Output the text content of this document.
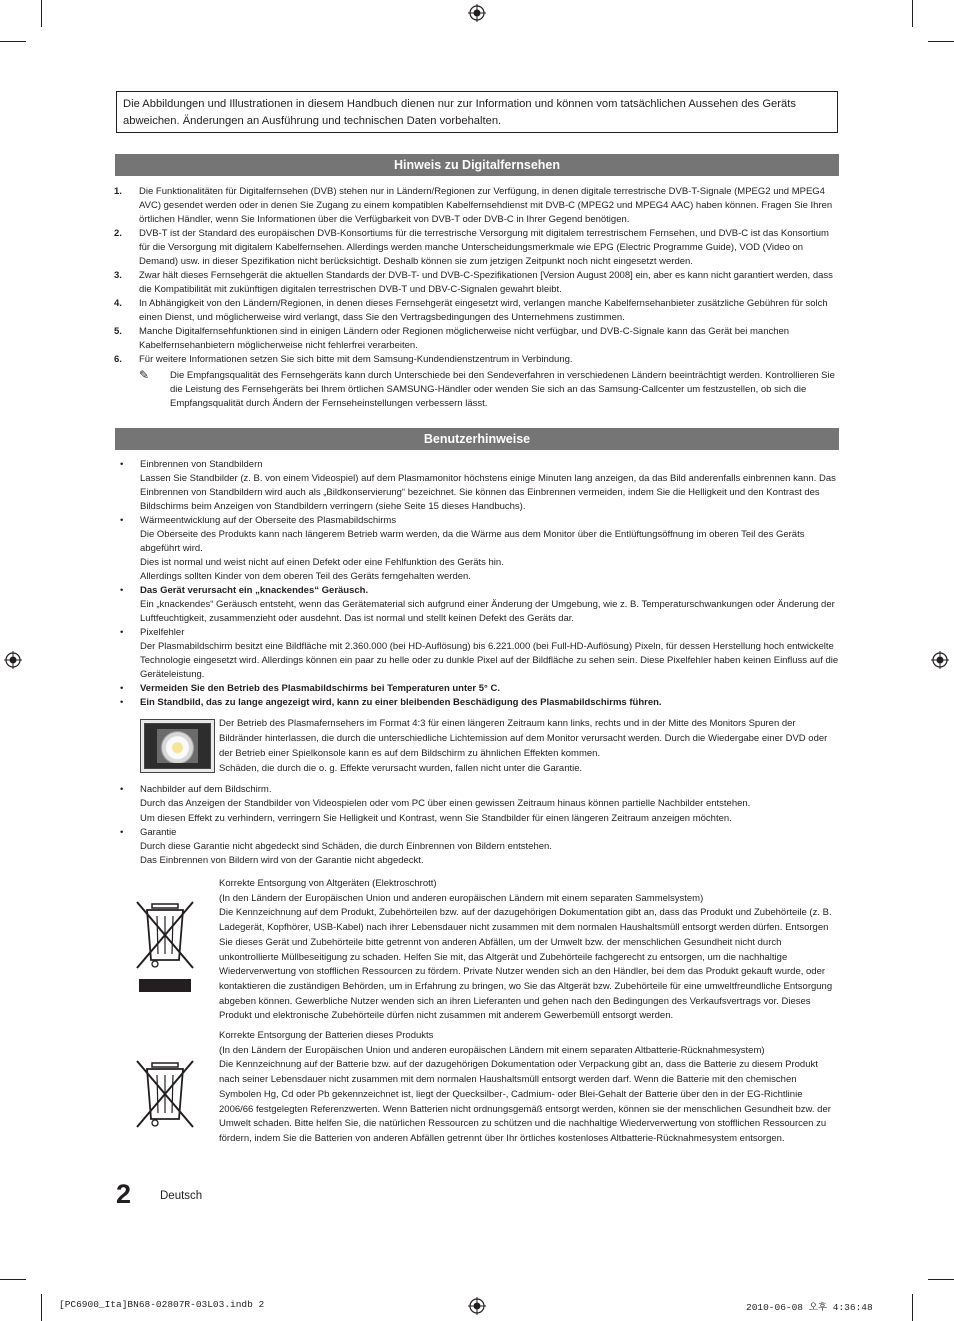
Die Abbildungen und Illustrationen in diesem Handbuch dienen nur zur Information und können vom tatsächlichen Aussehen des Geräts abweichen. Änderungen an Ausführung und technischen Daten vorbehalten.
Hinweis zu Digitalfernsehen
1. Die Funktionalitäten für Digitalfernsehen (DVB) stehen nur in Ländern/Regionen zur Verfügung, in denen digitale terrestrische DVB-T-Signale (MPEG2 und MPEG4 AVC) gesendet werden oder in denen Sie Zugang zu einem kompatiblen Kabelfernsehdienst mit DVB-C (MPEG2 und MPEG4 AAC) haben können. Fragen Sie Ihren örtlichen Händler, wenn Sie Informationen über die Verfügbarkeit von DVB-T oder DVB-C in Ihrer Gegend benötigen.
2. DVB-T ist der Standard des europäischen DVB-Konsortiums für die terrestrische Versorgung mit digitalem terrestrischem Fernsehen, und DVB-C ist das Konsortium für die Versorgung mit digitalem Kabelfernsehen. Allerdings werden manche Unterscheidungsmerkmale wie EPG (Electric Programme Guide), VOD (Video on Demand) usw. in dieser Spezifikation nicht berücksichtigt. Deshalb können sie zum jetzigen Zeitpunkt noch nicht eingesetzt werden.
3. Zwar hält dieses Fernsehgerät die aktuellen Standards der DVB-T- und DVB-C-Spezifikationen [Version August 2008] ein, aber es kann nicht garantiert werden, dass die Kompatibilität mit zukünftigen digitalen terrestrischen DVB-T und DBV-C-Signalen gewahrt bleibt.
4. In Abhängigkeit von den Ländern/Regionen, in denen dieses Fernsehgerät eingesetzt wird, verlangen manche Kabelfernsehanbieter zusätzliche Gebühren für solch einen Dienst, und möglicherweise wird verlangt, dass Sie den Vertragsbedingungen des Unternehmens zustimmen.
5. Manche Digitalfernsehfunktionen sind in einigen Ländern oder Regionen möglicherweise nicht verfügbar, und DVB-C-Signale kann das Gerät bei manchen Kabelfernsehanbietern möglicherweise nicht fehlerfrei verarbeiten.
6. Für weitere Informationen setzen Sie sich bitte mit dem Samsung-Kundendienstzentrum in Verbindung.
✎ Die Empfangsqualität des Fernsehgeräts kann durch Unterschiede bei den Sendeverfahren in verschiedenen Ländern beeinträchtigt werden. Kontrollieren Sie die Leistung des Fernsehgeräts bei Ihrem örtlichen SAMSUNG-Händler oder wenden Sie sich an das Samsung-Callcenter um festzustellen, ob sich die Empfangsqualität durch Ändern der Fernseheinstellungen verbessern lässt.
Benutzerhinweise
• Einbrennen von Standbildern
Lassen Sie Standbilder (z. B. von einem Videospiel) auf dem Plasmamonitor höchstens einige Minuten lang anzeigen, da das Bild anderenfalls einbrennen kann. Das Einbrennen von Standbildern wird auch als „Bildkonservierung“ bezeichnet. Sie können das Einbrennen vermeiden, indem Sie die Helligkeit und den Kontrast des Bildschirms beim Anzeigen von Standbildern verringern (siehe Seite 15 dieses Handbuchs).
• Wärmeentwicklung auf der Oberseite des Plasmabildschirms
Die Oberseite des Produkts kann nach längerem Betrieb warm werden, da die Wärme aus dem Monitor über die Entlüftungsöffnung im oberen Teil des Geräts abgeführt wird.
Dies ist normal und weist nicht auf einen Defekt oder eine Fehlfunktion des Geräts hin.
Allerdings sollten Kinder von dem oberen Teil des Geräts ferngehalten werden.
• Das Gerät verursacht ein „knackendes“ Geräusch.
Ein „knackendes“ Geräusch entsteht, wenn das Gerätematerial sich aufgrund einer Änderung der Umgebung, wie z. B. Temperaturschwankungen oder Änderung der Luftfeuchtigkeit, zusammenzieht oder ausdehnt. Das ist normal und stellt keinen Defekt des Geräts dar.
• Pixelfehler
Der Plasmabildschirm besitzt eine Bildfläche mit 2.360.000 (bei HD-Auflösung) bis 6.221.000 (bei Full-HD-Auflösung) Pixeln, für dessen Herstellung hoch entwickelte Technologie eingesetzt wird. Allerdings können ein paar zu helle oder zu dunkle Pixel auf der Bildfläche zu sehen sein. Diese Pixelfehler haben keinen Einfluss auf die Geräteleistung.
• Vermeiden Sie den Betrieb des Plasmabildschirms bei Temperaturen unter 5° C.
• Ein Standbild, das zu lange angezeigt wird, kann zu einer bleibenden Beschädigung des Plasmabildschirms führen.
Der Betrieb des Plasmafernsehers im Format 4:3 für einen längeren Zeitraum kann links, rechts und in der Mitte des Monitors Spuren der Bildränder hinterlassen, die durch die unterschiedliche Lichtemission auf dem Monitor verursacht werden. Durch die Wiedergabe einer DVD oder der Betrieb einer Spielkonsole kann es auf dem Bildschirm zu ähnlichen Effekten kommen.
Schäden, die durch die o. g. Effekte verursacht wurden, fallen nicht unter die Garantie.
• Nachbilder auf dem Bildschirm.
Durch das Anzeigen der Standbilder von Videospielen oder vom PC über einen gewissen Zeitraum hinaus können partielle Nachbilder entstehen.
Um diesen Effekt zu verhindern, verringern Sie Helligkeit und Kontrast, wenn Sie Standbilder für einen längeren Zeitraum anzeigen möchten.
• Garantie
Durch diese Garantie nicht abgedeckt sind Schäden, die durch Einbrennen von Bildern entstehen.
Das Einbrennen von Bildern wird von der Garantie nicht abgedeckt.
Korrekte Entsorgung von Altgeräten (Elektroschrott)
(In den Ländern der Europäischen Union und anderen europäischen Ländern mit einem separaten Sammelsystem)
Die Kennzeichnung auf dem Produkt, Zubehörteilen bzw. auf der dazugehörigen Dokumentation gibt an, dass das Produkt und Zubehörteile (z. B. Ladegerät, Kopfhörer, USB-Kabel) nach ihrer Lebensdauer nicht zusammen mit dem normalen Haushaltsmüll entsorgt werden dürfen. Entsorgen Sie dieses Gerät und Zubehörteile bitte getrennt von anderen Abfällen, um der Umwelt bzw. der menschlichen Gesundheit nicht durch unkontrollierte Müllbeseitigung zu schaden. Helfen Sie mit, das Altgerät und Zubehörteile fachgerecht zu entsorgen, um die nachhaltige Wiederverwertung von stofflichen Ressourcen zu fördern. Private Nutzer wenden sich an den Händler, bei dem das Produkt gekauft wurde, oder kontaktieren die zuständigen Behörden, um in Erfahrung zu bringen, wo Sie das Altgerät bzw. Zubehörteile für eine umweltfreundliche Entsorgung abgeben können. Gewerbliche Nutzer wenden sich an ihren Lieferanten und gehen nach den Bedingungen des Verkaufsvertrags vor. Dieses Produkt und elektronische Zubehörteile dürfen nicht zusammen mit anderem Gewerbemüll entsorgt werden.
Korrekte Entsorgung der Batterien dieses Produkts
(In den Ländern der Europäischen Union und anderen europäischen Ländern mit einem separaten Altbatterie-Rücknahmesystem)
Die Kennzeichnung auf der Batterie bzw. auf der dazugehörigen Dokumentation oder Verpackung gibt an, dass die Batterie zu diesem Produkt nach seiner Lebensdauer nicht zusammen mit dem normalen Haushaltsmüll entsorgt werden darf. Wenn die Batterie mit den chemischen Symbolen Hg, Cd oder Pb gekennzeichnet ist, liegt der Quecksilber-, Cadmium- oder Blei-Gehalt der Batterie über den in der EG-Richtlinie 2006/66 festgelegten Referenzwerten. Wenn Batterien nicht ordnungsgemäß entsorgt werden, können sie der menschlichen Gesundheit bzw. der Umwelt schaden. Bitte helfen Sie, die natürlichen Ressourcen zu schützen und die nachhaltige Wiederverwertung von stofflichen Ressourcen zu fördern, indem Sie die Batterien von anderen Abfällen getrennt über Ihr örtliches kostenloses Altbatterie-Rücknahmesystem entsorgen.
2	Deutsch
[PC6900_Ita]BN68-02807R-03L03.indb 2	2010-06-08 오후 4:36:48
